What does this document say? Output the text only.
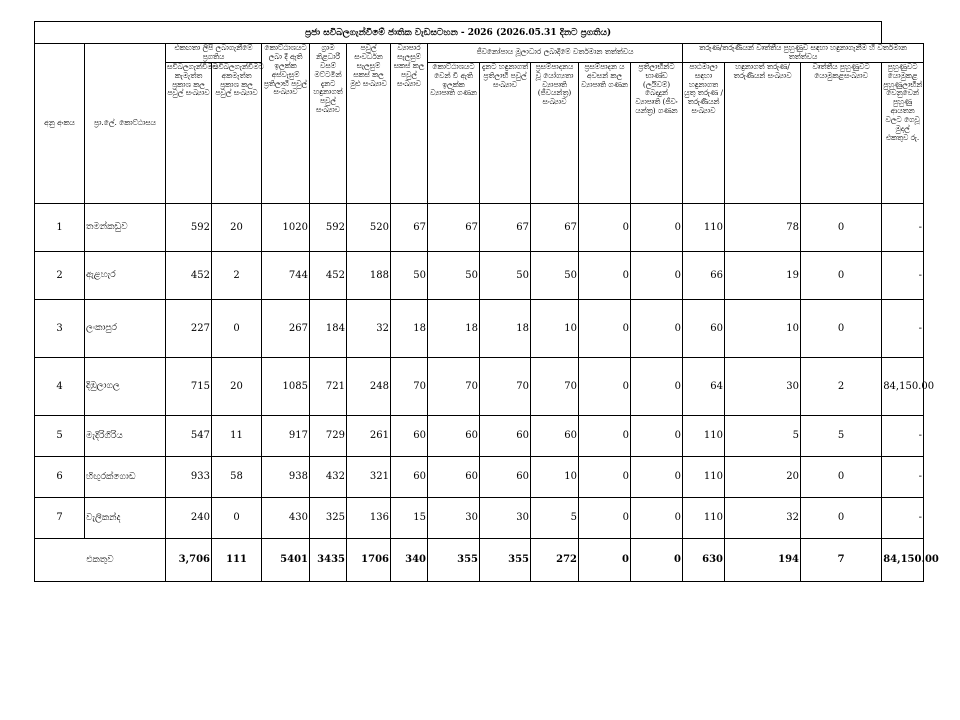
ප්‍රජා සවිබලගැන්වීමේ ජාතික වැඩසටහන - 2026 (2026.05.31 දිනට ප්‍රගතිය)																
අනු අංකය	ප්‍රා.ලේ. කොට්ඨාසය	එකඟතා ලිපි ලබාගැනීමේ ප්‍රගතිය		කොට්ඨාශයට ලබා දී ඇති ඉලක්ක අස්වැසුම් ප්‍රතිලාභී පවුල් සංඛ්‍යාව	ග්‍රාම නිළධාරී වසම් මට්ටමින් දැනට හඳුනාගත් පවුල් සංඛ්‍යාව	පවුල් සංවර්ධන සැලසුම් සකස් කල මුළු සංඛ්‍යාව	ව්‍යාපාර සැලසුම් සකස් කල පවුල් සංඛ්‍යාව	ජීවනෝපාය මූලාධාර ලබාදීමේ වර්තමාන තත්ත්වය					තරුණ/තරුණියන් වෘත්තීය පුහුණුව සඳහා හඳුනාගැනීම හි වර්තමාන තත්ත්වය			
		සවිබලගැන්වීමට කැමැත්ත ප්‍රකාශ කල පවුල් සංඛ්‍යාව	සවිබලගැන්වීමට අකමැත්ත ප්‍රකාශ කල පවුල් සංඛ්‍යාව					කොට්ඨාශයට වෙන් වී ඇති ඉලක්ක ව්‍යාපෘති ගණන	දැනට හඳුනාගත් ප්‍රතිලාභී පවුල් සංඛ්‍යාව	ප්‍රසම්පාදනය වූ යෝග්‍යතා ව්‍යාපෘති (ජීවයන්ත්‍ර) සංඛ්‍යාව	ප්‍රසම්පාදන ය අවසන් කල ව්‍යාපෘති ගණන	ප්‍රතිලාභීන්ට භාණ්ඩ (ලයිවම්) බෙදාදුන් ව්‍යාපෘති (ජීවං යන්ත්‍ර) ගණන	පාඨමාලා සඳහා හඳුනාගත යුතු තරුණ / තරුණියන් සංඛ්‍යාව	හඳුනාගත් තරුණ/ තරුණියන් සංඛ්‍යාව	වෘත්තීය පුහුණුවට යොමුකළසංඛ්‍යාව	පුහුණුවට යොමුකළ පුහුණුලාභීන් වෙනුවෙන් පුහුණු ආයතන වලට ගෙවූ මුදල් එකතුව රු.
1	තමන්කඩුව	592	20	1020	592	520	67	67	67	67	0	0	110	78	0	-
2	ඇළහැර	452	2	744	452	188	50	50	50	50	0	0	66	19	0	-
3	ලංකාපුර	227	0	267	184	32	18	18	18	10	0	0	60	10	0	-
4	දිඹුලාගල	715	20	1085	721	248	70	70	70	70	0	0	64	30	2	84,150.00
5	මැදිරිගිරිය	547	11	917	729	261	60	60	60	60	0	0	110	5	5	-
6	හිඟුරක්ගොඩ	933	58	938	432	321	60	60	60	10	0	0	110	20	0	-
7	වැලිකන්ද	240	0	430	325	136	15	30	30	5	0	0	110	32	0	-
එකතුව		3,706	111	5401	3435	1706	340	355	355	272	0	0	630	194	7	84,150.00
